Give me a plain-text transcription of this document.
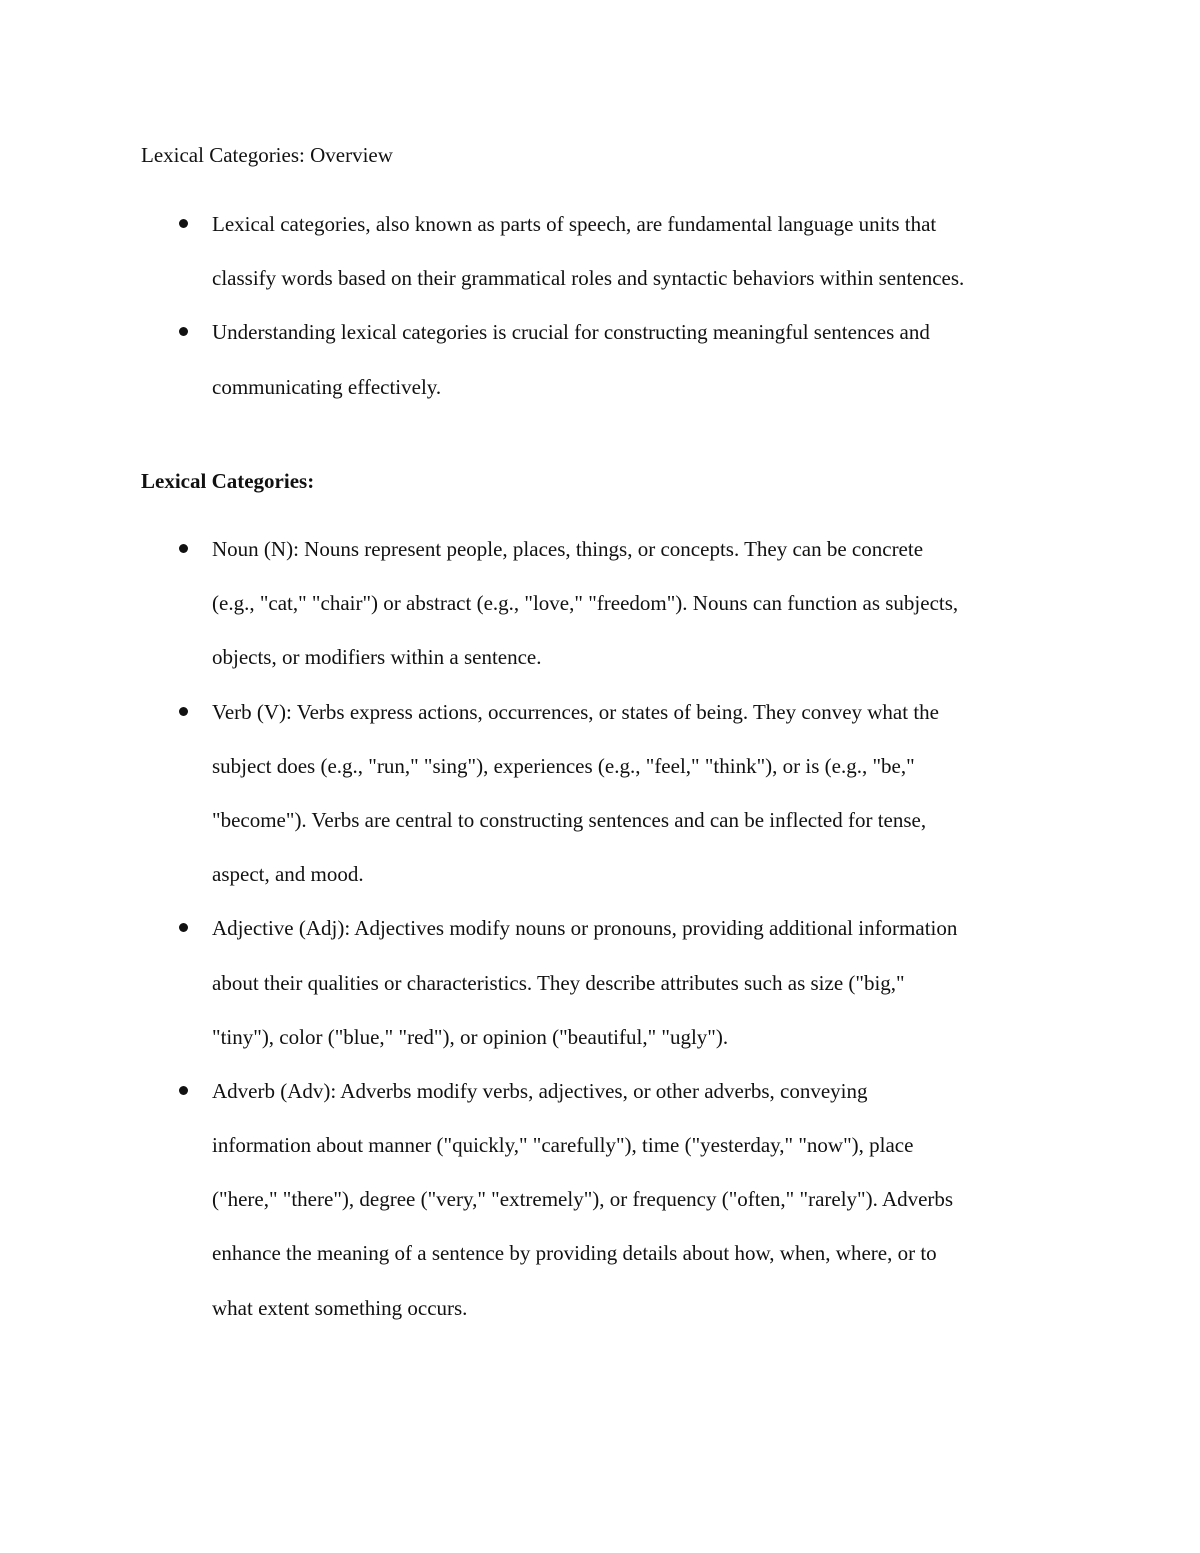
Lexical Categories: Overview
Lexical categories, also known as parts of speech, are fundamental language units that
classify words based on their grammatical roles and syntactic behaviors within sentences.
Understanding lexical categories is crucial for constructing meaningful sentences and
communicating effectively.
Lexical Categories:
Noun (N): Nouns represent people, places, things, or concepts. They can be concrete
(e.g., "cat," "chair") or abstract (e.g., "love," "freedom"). Nouns can function as subjects,
objects, or modifiers within a sentence.
Verb (V): Verbs express actions, occurrences, or states of being. They convey what the
subject does (e.g., "run," "sing"), experiences (e.g., "feel," "think"), or is (e.g., "be,"
"become"). Verbs are central to constructing sentences and can be inflected for tense,
aspect, and mood.
Adjective (Adj): Adjectives modify nouns or pronouns, providing additional information
about their qualities or characteristics. They describe attributes such as size ("big,"
"tiny"), color ("blue," "red"), or opinion ("beautiful," "ugly").
Adverb (Adv): Adverbs modify verbs, adjectives, or other adverbs, conveying
information about manner ("quickly," "carefully"), time ("yesterday," "now"), place
("here," "there"), degree ("very," "extremely"), or frequency ("often," "rarely"). Adverbs
enhance the meaning of a sentence by providing details about how, when, where, or to
what extent something occurs.
